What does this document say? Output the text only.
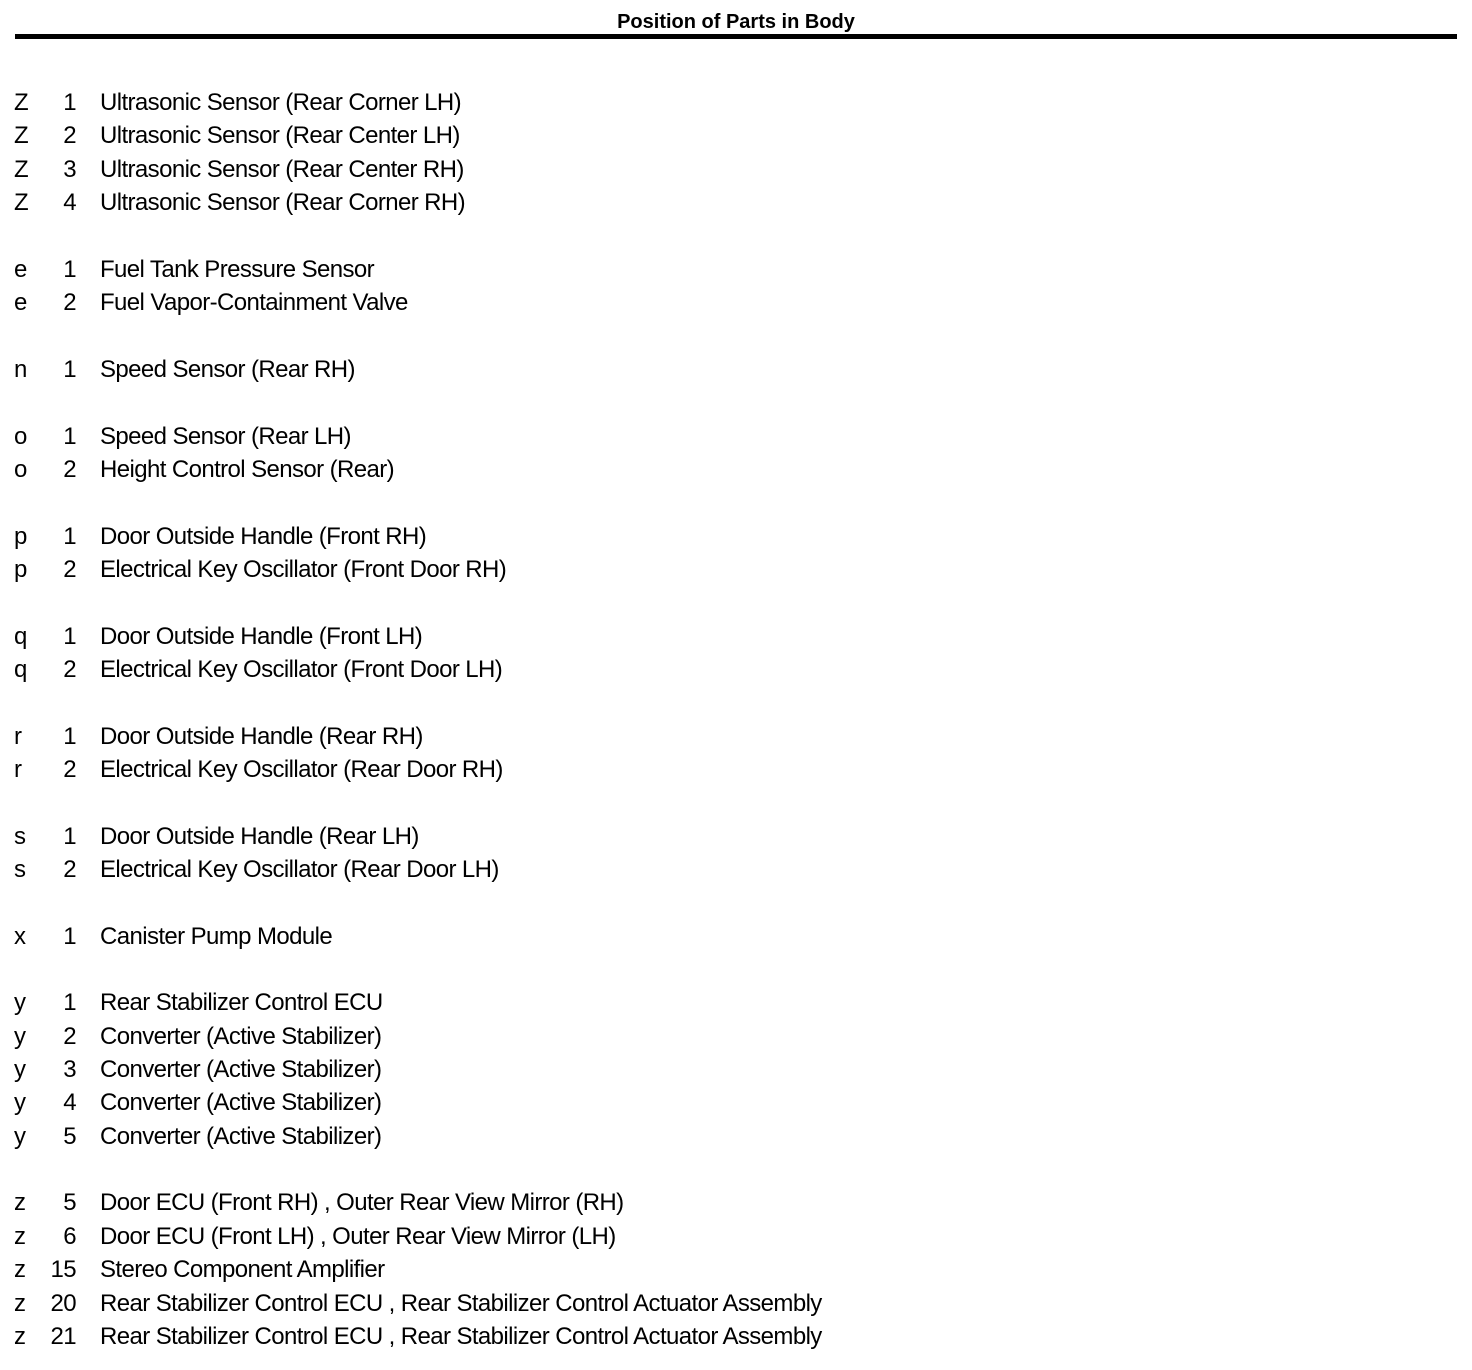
Position of Parts in Body
Z	1 Ultrasonic Sensor (Rear Corner LH)
Z	2 Ultrasonic Sensor (Rear Center LH)
Z	3 Ultrasonic Sensor (Rear Center RH)
Z	4 Ultrasonic Sensor (Rear Corner RH)
e	1 Fuel Tank Pressure Sensor
e	2 Fuel Vapor-Containment Valve
n	1 Speed Sensor (Rear RH)
o	1 Speed Sensor (Rear LH)
o	2 Height Control Sensor (Rear)
p	1 Door Outside Handle (Front RH)
p	2 Electrical Key Oscillator (Front Door RH)
q	1 Door Outside Handle (Front LH)
q	2 Electrical Key Oscillator (Front Door LH)
r	1 Door Outside Handle (Rear RH)
r	2 Electrical Key Oscillator (Rear Door RH)
s	1 Door Outside Handle (Rear LH)
s	2 Electrical Key Oscillator (Rear Door LH)
x	1 Canister Pump Module
y	1 Rear Stabilizer Control ECU
y	2 Converter (Active Stabilizer)
y	3 Converter (Active Stabilizer)
y	4 Converter (Active Stabilizer)
y	5 Converter (Active Stabilizer)
z	5 Door ECU (Front RH) , Outer Rear View Mirror (RH)
z	6 Door ECU (Front LH) , Outer Rear View Mirror (LH)
z	15 Stereo Component Amplifier
z	20 Rear Stabilizer Control ECU , Rear Stabilizer Control Actuator Assembly
z	21 Rear Stabilizer Control ECU , Rear Stabilizer Control Actuator Assembly
